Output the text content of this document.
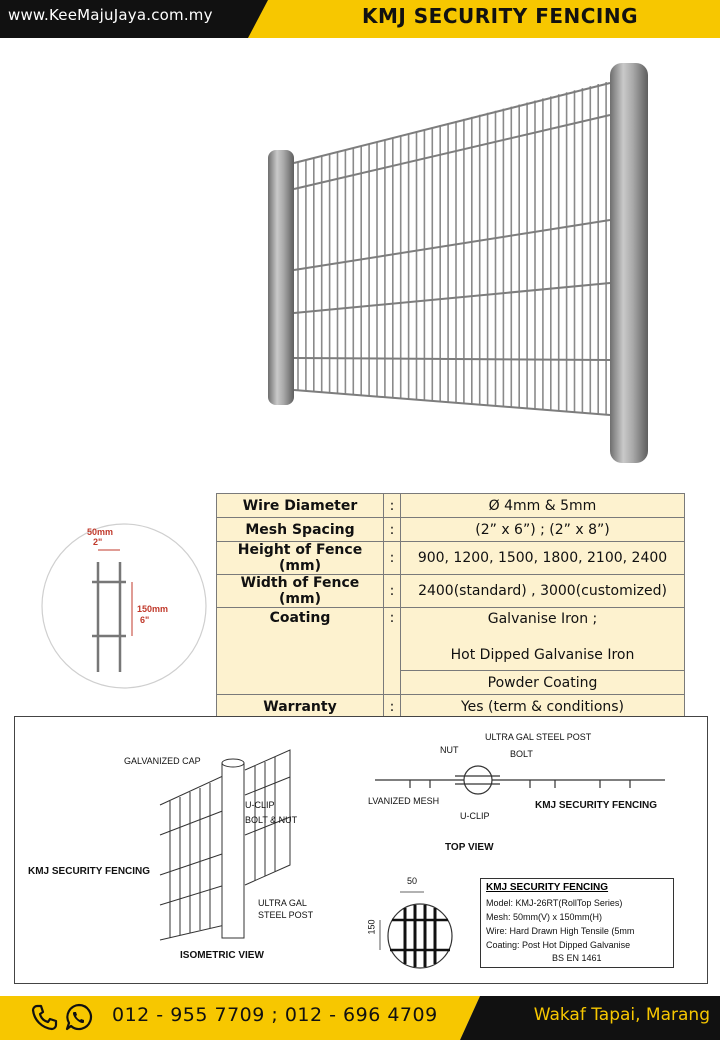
www.KeeMajuJaya.com.my	KMJ SECURITY FENCING
50mm
2"
150mm
6"
Wire Diameter	:	Ø 4mm & 5mm
Mesh Spacing	:	(2” x 6”) ; (2” x 8”)
Height of Fence (mm)	:	900, 1200, 1500, 1800, 2100, 2400
Width of Fence (mm)	:	2400(standard) , 3000(customized)
Coating	:	Galvanise Iron ;
Hot Dipped Galvanise Iron

		Powder Coating
Warranty	:	Yes (term & conditions)
GALVANIZED CAP
U-CLIP
BOLT & NUT
KMJ SECURITY FENCING
ULTRA GAL
STEEL POST
ISOMETRIC VIEW
ULTRA GAL STEEL POST
NUT	BOLT
LVANIZED MESH
U-CLIP
KMJ SECURITY FENCING
TOP VIEW
50
150
KMJ SECURITY FENCING
Model: KMJ-26RT(RollTop Series)
Mesh: 50mm(V) x 150mm(H)
Wire: Hard Drawn High Tensile (5mm
Coating: Post Hot Dipped Galvanise
BS EN 1461
012 - 955 7709 ; 012 - 696 4709	Wakaf Tapai, Marang
